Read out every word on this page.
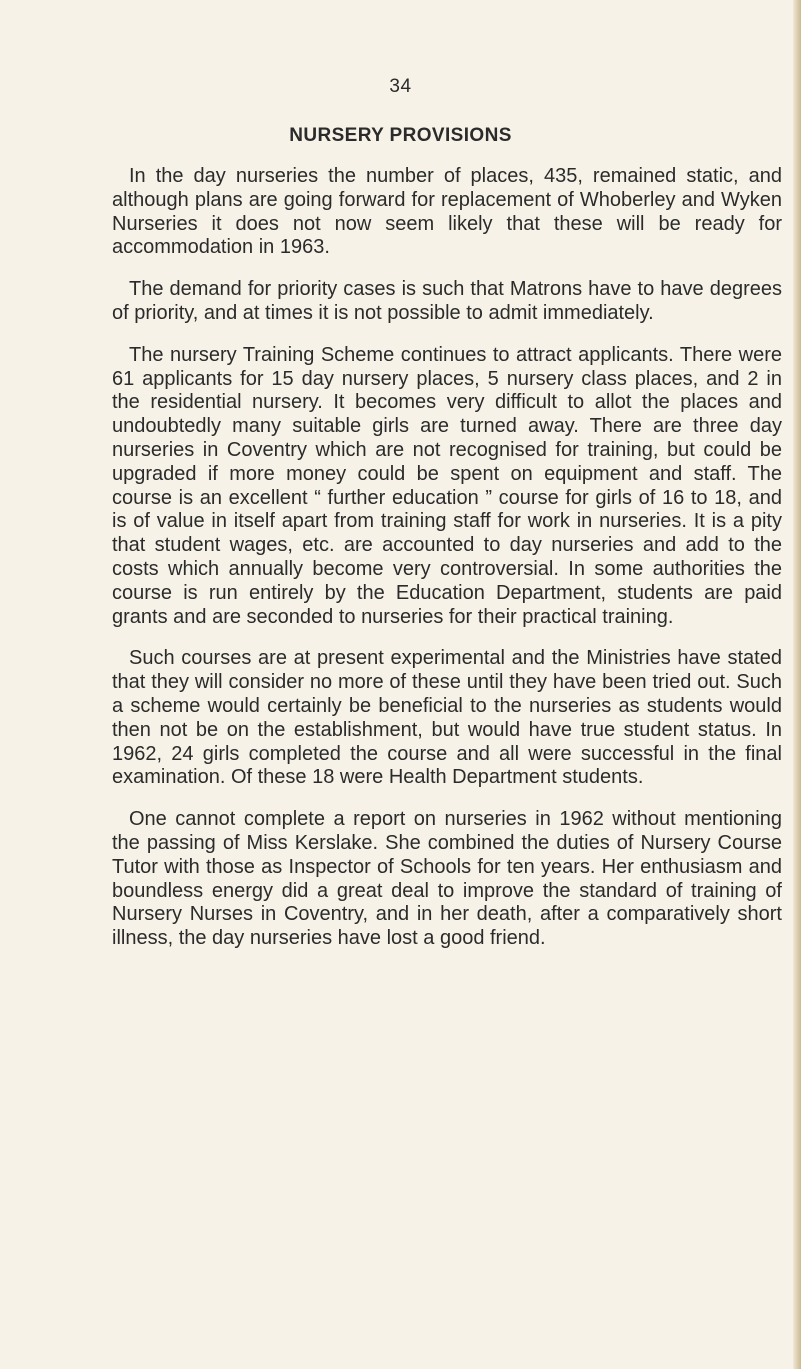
34
NURSERY PROVISIONS

In the day nurseries the number of places, 435, remained static, and although plans are going forward for replacement of Whoberley and Wyken Nurseries it does not now seem likely that these will be ready for accommodation in 1963.

The demand for priority cases is such that Matrons have to have degrees of priority, and at times it is not possible to admit immediately.

The nursery Training Scheme continues to attract applicants. There were 61 applicants for 15 day nursery places, 5 nursery class places, and 2 in the residential nursery. It becomes very difficult to allot the places and undoubtedly many suitable girls are turned away. There are three day nurseries in Coventry which are not recognised for training, but could be upgraded if more money could be spent on equipment and staff. The course is an excellent “ further education ” course for girls of 16 to 18, and is of value in itself apart from training staff for work in nurseries. It is a pity that student wages, etc. are accounted to day nurseries and add to the costs which annually become very controversial. In some authorities the course is run entirely by the Education Department, students are paid grants and are seconded to nurseries for their practical training.

Such courses are at present experimental and the Ministries have stated that they will consider no more of these until they have been tried out. Such a scheme would certainly be beneficial to the nurseries as students would then not be on the establishment, but would have true student status. In 1962, 24 girls completed the course and all were successful in the final examination. Of these 18 were Health Department students.

One cannot complete a report on nurseries in 1962 without mentioning the passing of Miss Kerslake. She combined the duties of Nursery Course Tutor with those as Inspector of Schools for ten years. Her enthusiasm and boundless energy did a great deal to improve the standard of training of Nursery Nurses in Coventry, and in her death, after a comparatively short illness, the day nurseries have lost a good friend.
